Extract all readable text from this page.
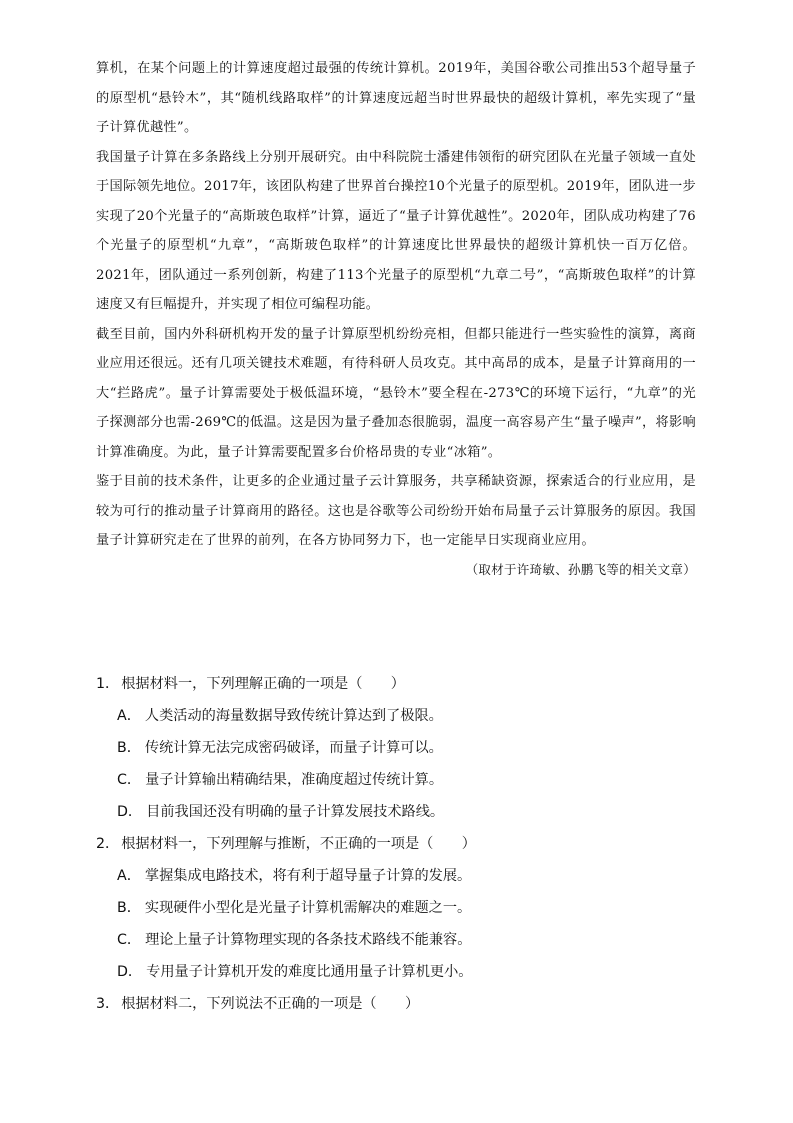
算机，在某个问题上的计算速度超过最强的传统计算机。2019年，美国谷歌公司推出53个超导量子的原型机“悬铃木”，其“随机线路取样”的计算速度远超当时世界最快的超级计算机，率先实现了“量子计算优越性”。

我国量子计算在多条路线上分别开展研究。由中科院院士潘建伟领衔的研究团队在光量子领域一直处于国际领先地位。2017年，该团队构建了世界首台操控10个光量子的原型机。2019年，团队进一步实现了20个光量子的“高斯玻色取样”计算，逼近了“量子计算优越性”。2020年，团队成功构建了76个光量子的原型机“九章”，“高斯玻色取样”的计算速度比世界最快的超级计算机快一百万亿倍。2021年，团队通过一系列创新，构建了113个光量子的原型机“九章二号”，“高斯玻色取样”的计算速度又有巨幅提升，并实现了相位可编程功能。

截至目前，国内外科研机构开发的量子计算原型机纷纷亮相，但都只能进行一些实验性的演算，离商业应用还很远。还有几项关键技术难题，有待科研人员攻克。其中高昂的成本，是量子计算商用的一大“拦路虎”。量子计算需要处于极低温环境，“悬铃木”要全程在-273℃的环境下运行，“九章”的光子探测部分也需-269℃的低温。这是因为量子叠加态很脆弱，温度一高容易产生“量子噪声”，将影响计算准确度。为此，量子计算需要配置多台价格昂贵的专业“冰箱”。

鉴于目前的技术条件，让更多的企业通过量子云计算服务，共享稀缺资源，探索适合的行业应用，是较为可行的推动量子计算商用的路径。这也是谷歌等公司纷纷开始布局量子云计算服务的原因。我国量子计算研究走在了世界的前列，在各方协同努力下，也一定能早日实现商业应用。

（取材于许琦敏、孙鹏飞等的相关文章）

1． 根据材料一，下列理解正确的一项是（　　）
A． 人类活动的海量数据导致传统计算达到了极限。
B． 传统计算无法完成密码破译，而量子计算可以。
C． 量子计算输出精确结果，准确度超过传统计算。
D． 目前我国还没有明确的量子计算发展技术路线。
2． 根据材料一，下列理解与推断，不正确的一项是（　　）
A． 掌握集成电路技术，将有利于超导量子计算的发展。
B． 实现硬件小型化是光量子计算机需解决的难题之一。
C． 理论上量子计算物理实现的各条技术路线不能兼容。
D． 专用量子计算机开发的难度比通用量子计算机更小。
3． 根据材料二，下列说法不正确的一项是（　　）
